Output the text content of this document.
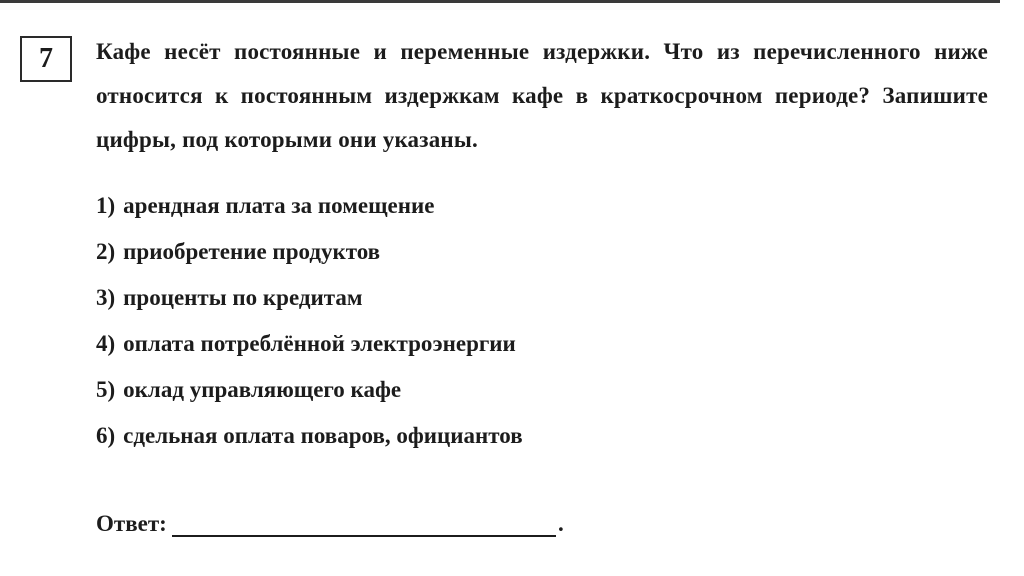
7	Кафе несёт постоянные и переменные издержки. Что из перечисленного ниже относится к постоянным издержкам кафе в краткосрочном периоде? Запишите цифры, под которыми они указаны.

1) арендная плата за помещение
2) приобретение продуктов
3) проценты по кредитам
4) оплата потреблённой электроэнергии
5) оклад управляющего кафе
6) сдельная оплата поваров, официантов
Ответ:	.
